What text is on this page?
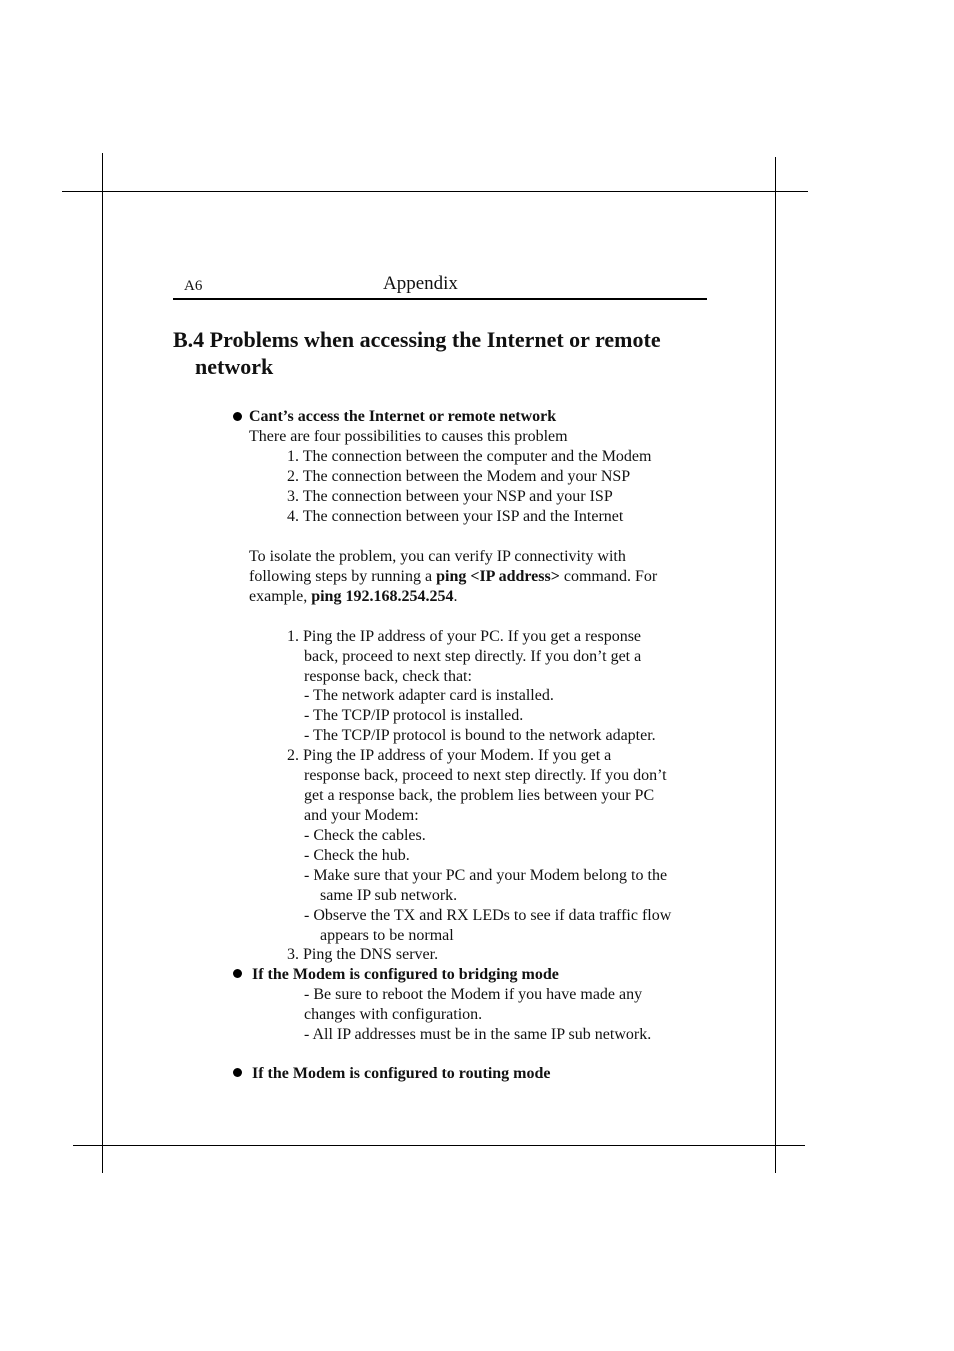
A6	Appendix
B.4 Problems when accessing the Internet or remote
network
Cant’s access the Internet or remote network
There are four possibilities to causes this problem
1. The connection between the computer and the Modem
2. The connection between the Modem and your NSP
3. The connection between your NSP and your ISP
4. The connection between your ISP and the Internet
To isolate the problem, you can verify IP connectivity with
following steps by running a ping <IP address> command. For
example, ping 192.168.254.254.
1. Ping the IP address of your PC. If you get a response
back, proceed to next step directly. If you don’t get a
response back, check that:
- The network adapter card is installed.
- The TCP/IP protocol is installed.
- The TCP/IP protocol is bound to the network adapter.
2. Ping the IP address of your Modem. If you get a
response back, proceed to next step directly. If you don’t
get a response back, the problem lies between your PC
and your Modem:
- Check the cables.
- Check the hub.
- Make sure that your PC and your Modem belong to the
same IP sub network.
- Observe the TX and RX LEDs to see if data traffic flow
appears to be normal
3. Ping the DNS server.
If the Modem is configured to bridging mode
- Be sure to reboot the Modem if you have made any
changes with configuration.
- All IP addresses must be in the same IP sub network.
If the Modem is configured to routing mode
